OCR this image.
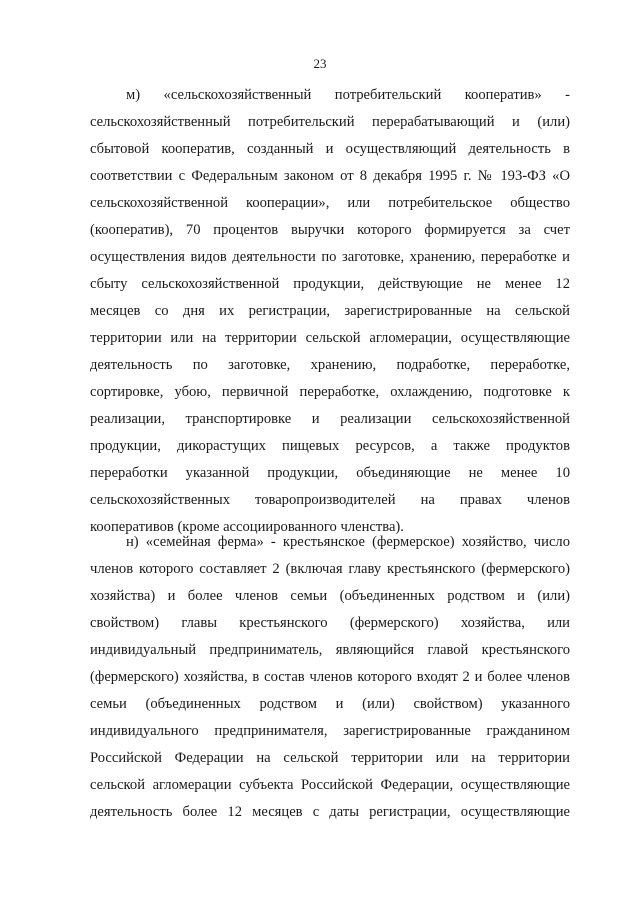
23
м) «сельскохозяйственный потребительский кооператив» -
сельскохозяйственный потребительский перерабатывающий и (или)
сбытовой кооператив, созданный и осуществляющий деятельность в
соответствии с Федеральным законом от 8 декабря 1995 г. № 193-ФЗ «О
сельскохозяйственной кооперации», или потребительское общество
(кооператив), 70 процентов выручки которого формируется за счет
осуществления видов деятельности по заготовке, хранению, переработке и
сбыту сельскохозяйственной продукции, действующие не менее 12
месяцев со дня их регистрации, зарегистрированные на сельской
территории или на территории сельской агломерации, осуществляющие
деятельность по заготовке, хранению, подработке, переработке,
сортировке, убою, первичной переработке, охлаждению, подготовке к
реализации, транспортировке и реализации сельскохозяйственной
продукции, дикорастущих пищевых ресурсов, а также продуктов
переработки указанной продукции, объединяющие не менее 10
сельскохозяйственных товаропроизводителей на правах членов
кооперативов (кроме ассоциированного членства).
н) «семейная ферма» - крестьянское (фермерское) хозяйство, число
членов которого составляет 2 (включая главу крестьянского (фермерского)
хозяйства) и более членов семьи (объединенных родством и (или)
свойством) главы крестьянского (фермерского) хозяйства, или
индивидуальный предприниматель, являющийся главой крестьянского
(фермерского) хозяйства, в состав членов которого входят 2 и более членов
семьи (объединенных родством и (или) свойством) указанного
индивидуального предпринимателя, зарегистрированные гражданином
Российской Федерации на сельской территории или на территории
сельской агломерации субъекта Российской Федерации, осуществляющие
деятельность более 12 месяцев с даты регистрации, осуществляющие
